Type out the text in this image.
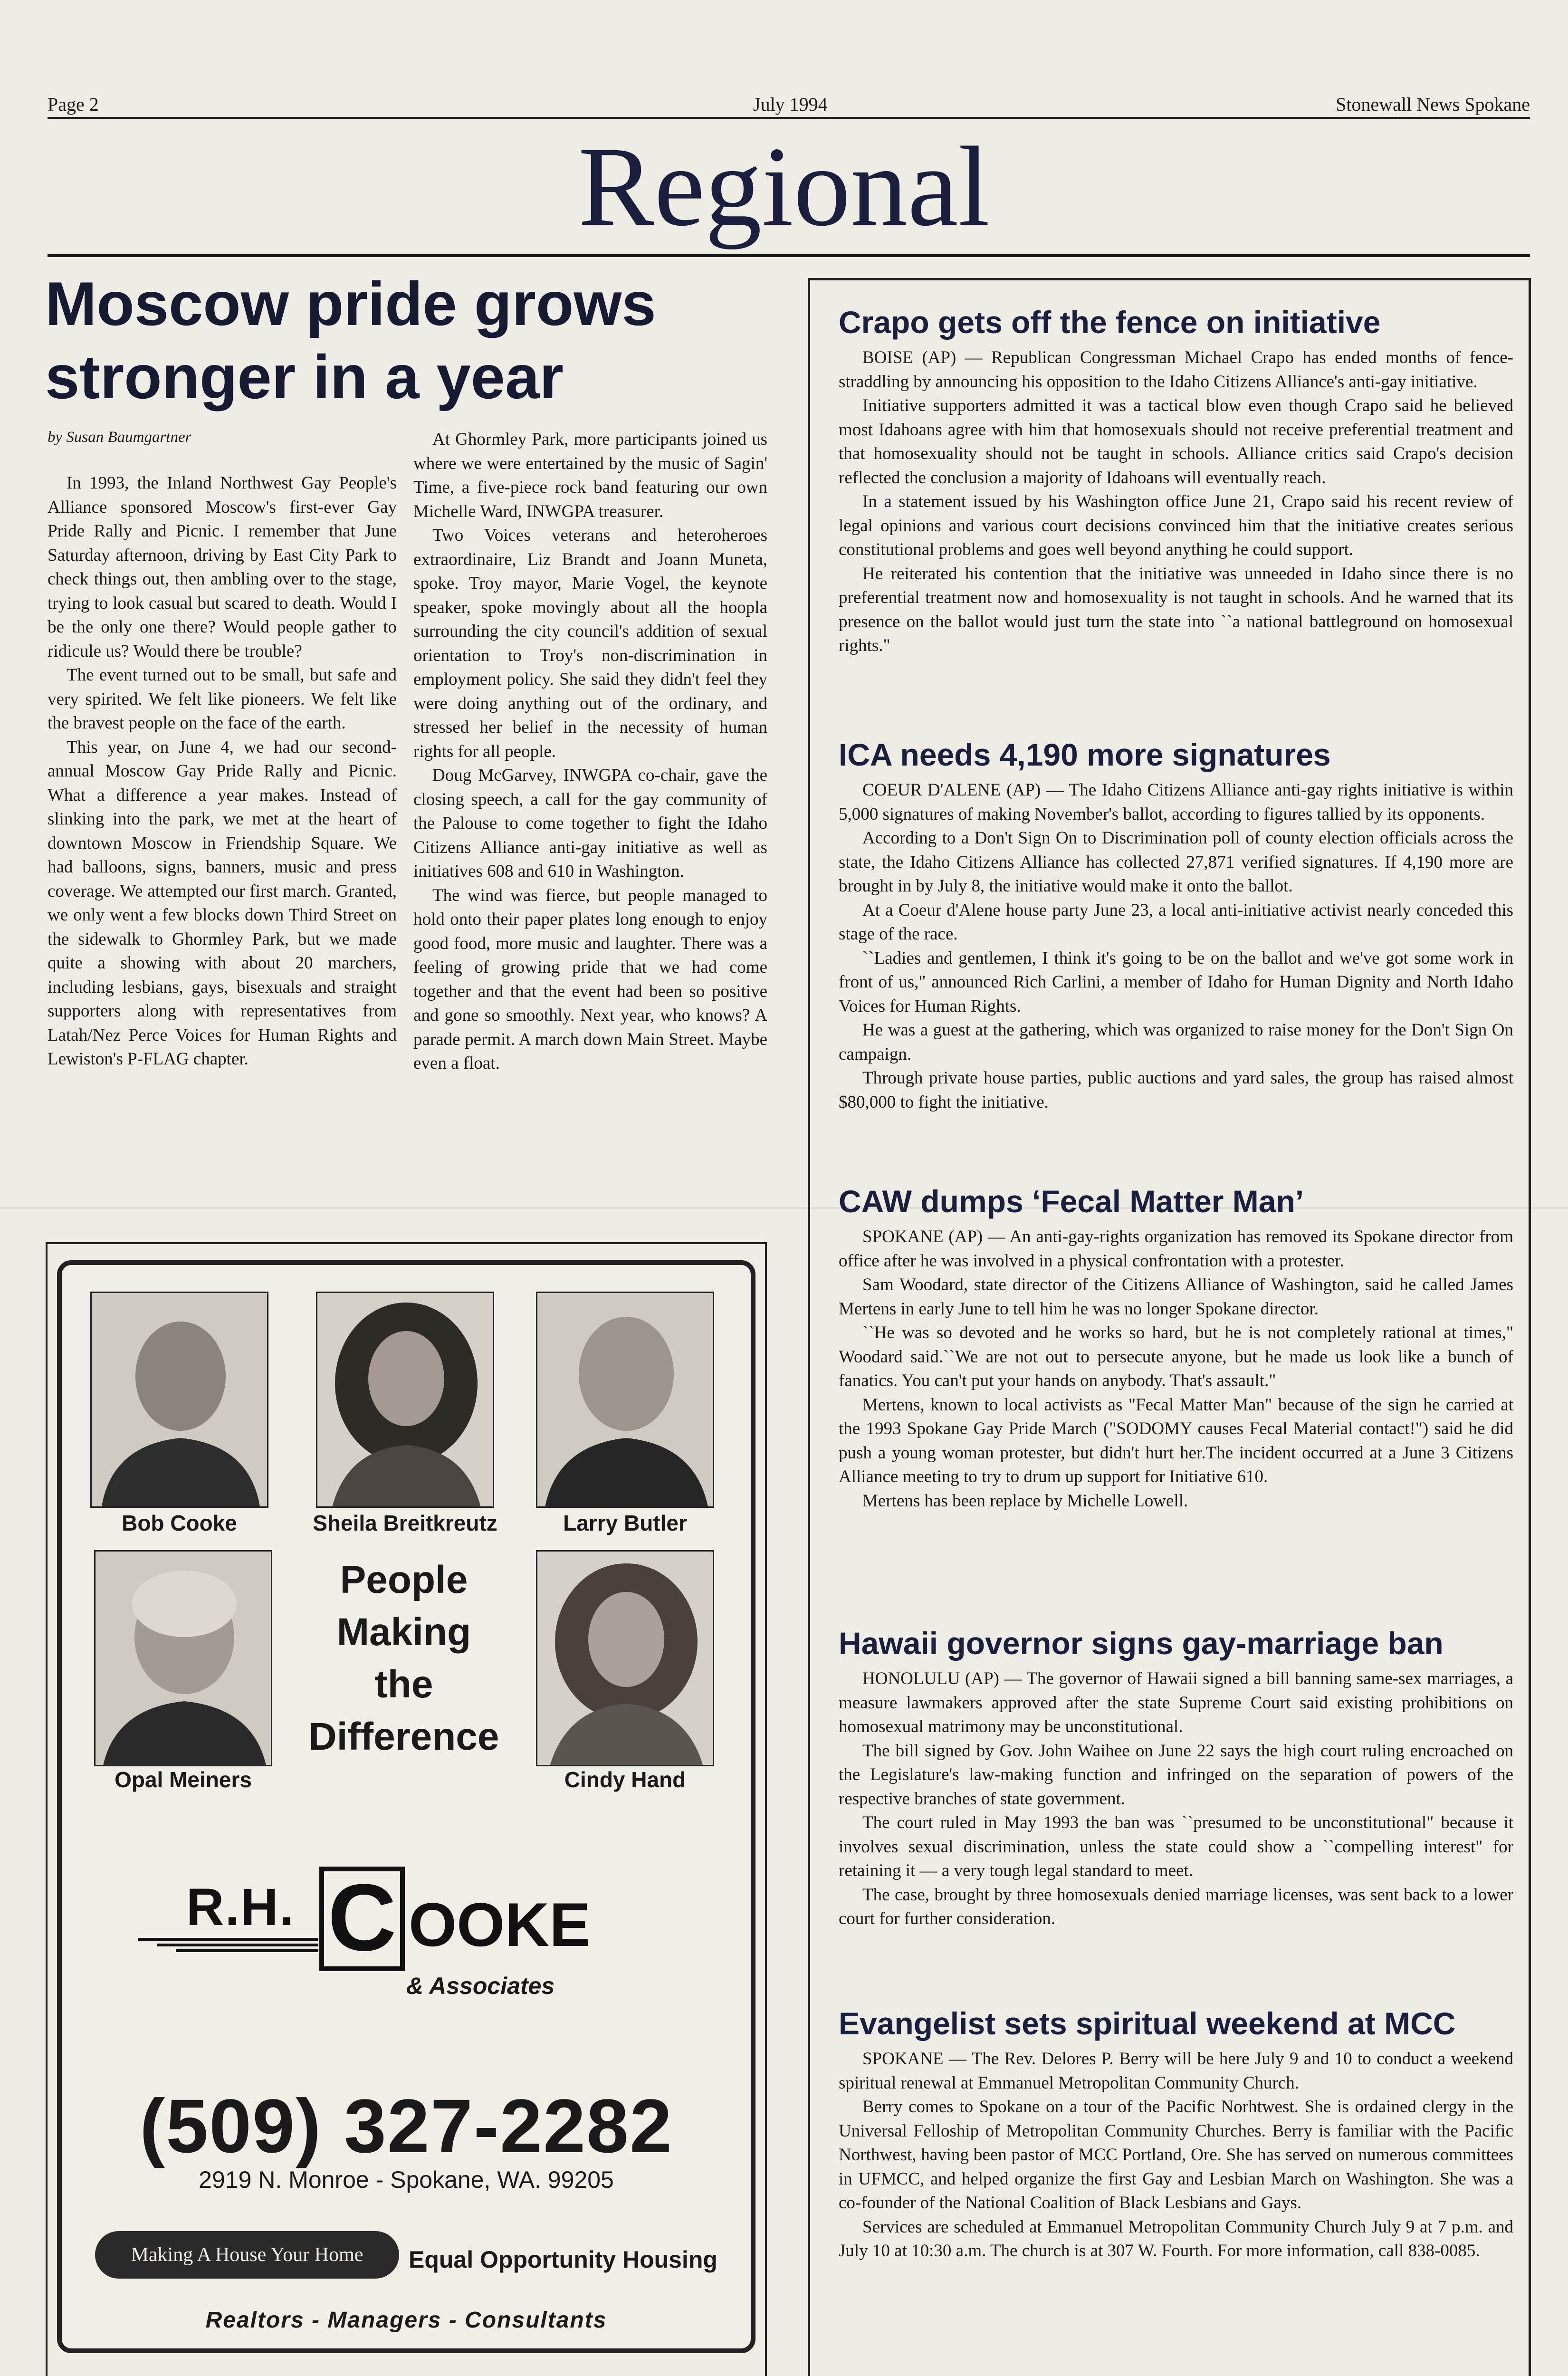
Page 2	July 1994	Stonewall News Spokane
Regional
Moscow pride grows
stronger in a year
by Susan Baumgartner

In 1993, the Inland Northwest Gay People's Alliance sponsored Moscow's first-ever Gay Pride Rally and Picnic. I remember that June Saturday afternoon, driving by East City Park to check things out, then ambling over to the stage, trying to look casual but scared to death. Would I be the only one there? Would people gather to ridicule us? Would there be trouble?

The event turned out to be small, but safe and very spirited. We felt like pioneers. We felt like the bravest people on the face of the earth.

This year, on June 4, we had our second-annual Moscow Gay Pride Rally and Picnic. What a difference a year makes. Instead of slinking into the park, we met at the heart of downtown Moscow in Friendship Square. We had balloons, signs, banners, music and press coverage. We attempted our first march. Granted, we only went a few blocks down Third Street on the sidewalk to Ghormley Park, but we made quite a showing with about 20 marchers, including lesbians, gays, bisexuals and straight supporters along with representatives from Latah/Nez Perce Voices for Human Rights and Lewiston's P-FLAG chapter.

At Ghormley Park, more participants joined us where we were entertained by the music of Sagin' Time, a five-piece rock band featuring our own Michelle Ward, INWGPA treasurer.

Two Voices veterans and heteroheroes extraordinaire, Liz Brandt and Joann Muneta, spoke. Troy mayor, Marie Vogel, the keynote speaker, spoke movingly about all the hoopla surrounding the city council's addition of sexual orientation to Troy's non-discrimination in employment policy. She said they didn't feel they were doing anything out of the ordinary, and stressed her belief in the necessity of human rights for all people.

Doug McGarvey, INWGPA co-chair, gave the closing speech, a call for the gay community of the Palouse to come together to fight the Idaho Citizens Alliance anti-gay initiative as well as initiatives 608 and 610 in Washington.

The wind was fierce, but people managed to hold onto their paper plates long enough to enjoy good food, more music and laughter. There was a feeling of growing pride that we had come together and that the event had been so positive and gone so smoothly. Next year, who knows? A parade permit. A march down Main Street. Maybe even a float.

Bob Cooke	Sheila Breitkreutz	Larry Butler
Opal Meiners	Cindy Hand
People
Making
the
Difference
R.H. C OOKE
& Associates
(509) 327-2282
2919 N. Monroe - Spokane, WA. 99205
Making A House Your Home	Equal Opportunity Housing
Realtors - Managers - Consultants
Crapo gets off the fence on initiative

BOISE (AP) — Republican Congressman Michael Crapo has ended months of fence-straddling by announcing his opposition to the Idaho Citizens Alliance's anti-gay initiative.

Initiative supporters admitted it was a tactical blow even though Crapo said he believed most Idahoans agree with him that homosexuals should not receive preferential treatment and that homosexuality should not be taught in schools. Alliance critics said Crapo's decision reflected the conclusion a majority of Idahoans will eventually reach.

In a statement issued by his Washington office June 21, Crapo said his recent review of legal opinions and various court decisions convinced him that the initiative creates serious constitutional problems and goes well beyond anything he could support.

He reiterated his contention that the initiative was unneeded in Idaho since there is no preferential treatment now and homosexuality is not taught in schools. And he warned that its presence on the ballot would just turn the state into ``a national battleground on homosexual rights."

ICA needs 4,190 more signatures

COEUR D'ALENE (AP) — The Idaho Citizens Alliance anti-gay rights initiative is within 5,000 signatures of making November's ballot, according to figures tallied by its opponents.

According to a Don't Sign On to Discrimination poll of county election officials across the state, the Idaho Citizens Alliance has collected 27,871 verified signatures. If 4,190 more are brought in by July 8, the initiative would make it onto the ballot.

At a Coeur d'Alene house party June 23, a local anti-initiative activist nearly conceded this stage of the race.

``Ladies and gentlemen, I think it's going to be on the ballot and we've got some work in front of us," announced Rich Carlini, a member of Idaho for Human Dignity and North Idaho Voices for Human Rights.

He was a guest at the gathering, which was organized to raise money for the Don't Sign On campaign.

Through private house parties, public auctions and yard sales, the group has raised almost $80,000 to fight the initiative.

CAW dumps ‘Fecal Matter Man’

SPOKANE (AP) — An anti-gay-rights organization has removed its Spokane director from office after he was involved in a physical confrontation with a protester.

Sam Woodard, state director of the Citizens Alliance of Washington, said he called James Mertens in early June to tell him he was no longer Spokane director.

``He was so devoted and he works so hard, but he is not completely rational at times," Woodard said.``We are not out to persecute anyone, but he made us look like a bunch of fanatics. You can't put your hands on anybody. That's assault."

Mertens, known to local activists as "Fecal Matter Man" because of the sign he carried at the 1993 Spokane Gay Pride March ("SODOMY causes Fecal Material contact!") said he did push a young woman protester, but didn't hurt her.The incident occurred at a June 3 Citizens Alliance meeting to try to drum up support for Initiative 610.

Mertens has been replace by Michelle Lowell.

Hawaii governor signs gay-marriage ban

HONOLULU (AP) — The governor of Hawaii signed a bill banning same-sex marriages, a measure lawmakers approved after the state Supreme Court said existing prohibitions on homosexual matrimony may be unconstitutional.

The bill signed by Gov. John Waihee on June 22 says the high court ruling encroached on the Legislature's law-making function and infringed on the separation of powers of the respective branches of state government.

The court ruled in May 1993 the ban was ``presumed to be unconstitutional" because it involves sexual discrimination, unless the state could show a ``compelling interest" for retaining it — a very tough legal standard to meet.

The case, brought by three homosexuals denied marriage licenses, was sent back to a lower court for further consideration.

Evangelist sets spiritual weekend at MCC

SPOKANE — The Rev. Delores P. Berry will be here July 9 and 10 to conduct a weekend spiritual renewal at Emmanuel Metropolitan Community Church.

Berry comes to Spokane on a tour of the Pacific Norhtwest. She is ordained clergy in the Universal Felloship of Metropolitan Community Churches. Berry is familiar with the Pacific Northwest, having been pastor of MCC Portland, Ore. She has served on numerous committees in UFMCC, and helped organize the first Gay and Lesbian March on Washington. She was a co-founder of the National Coalition of Black Lesbians and Gays.

Services are scheduled at Emmanuel Metropolitan Community Church July 9 at 7 p.m. and July 10 at 10:30 a.m. The church is at 307 W. Fourth. For more information, call 838-0085.
